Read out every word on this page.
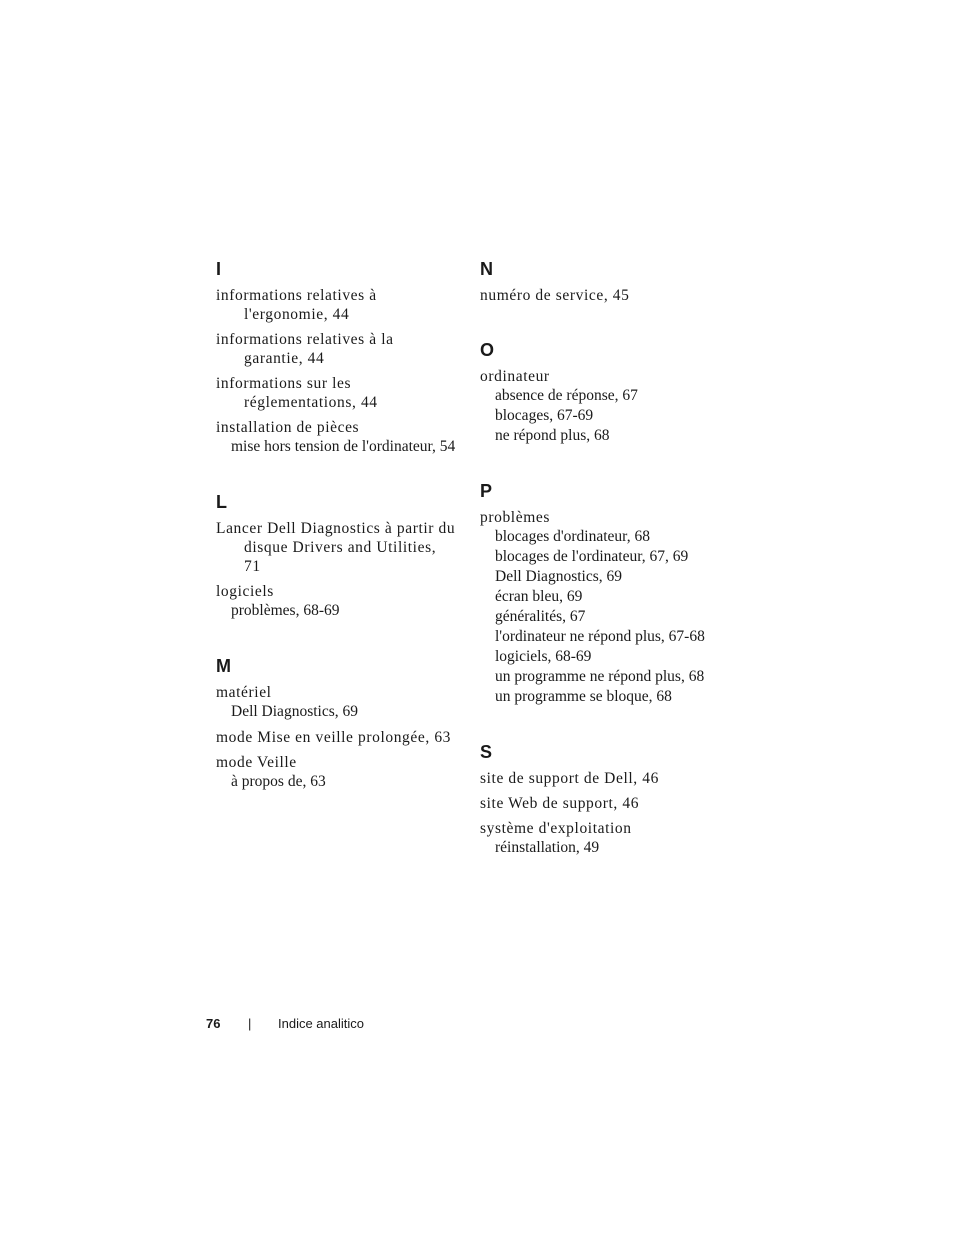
I
informations relatives à l'ergonomie, 44
informations relatives à la garantie, 44
informations sur les réglementations, 44
installation de pièces
mise hors tension de l'ordinateur, 54
L
Lancer Dell Diagnostics à partir du disque Drivers and Utilities, 71
logiciels
problèmes, 68-69
M
matériel
Dell Diagnostics, 69
mode Mise en veille prolongée, 63
mode Veille
à propos de, 63
N
numéro de service, 45
O
ordinateur
absence de réponse, 67
blocages, 67-69
ne répond plus, 68
P
problèmes
blocages d'ordinateur, 68
blocages de l'ordinateur, 67, 69
Dell Diagnostics, 69
écran bleu, 69
généralités, 67
l'ordinateur ne répond plus, 67-68
logiciels, 68-69
un programme ne répond plus, 68
un programme se bloque, 68
S
site de support de Dell, 46
site Web de support, 46
système d'exploitation
réinstallation, 49
76 | Indice analitico
